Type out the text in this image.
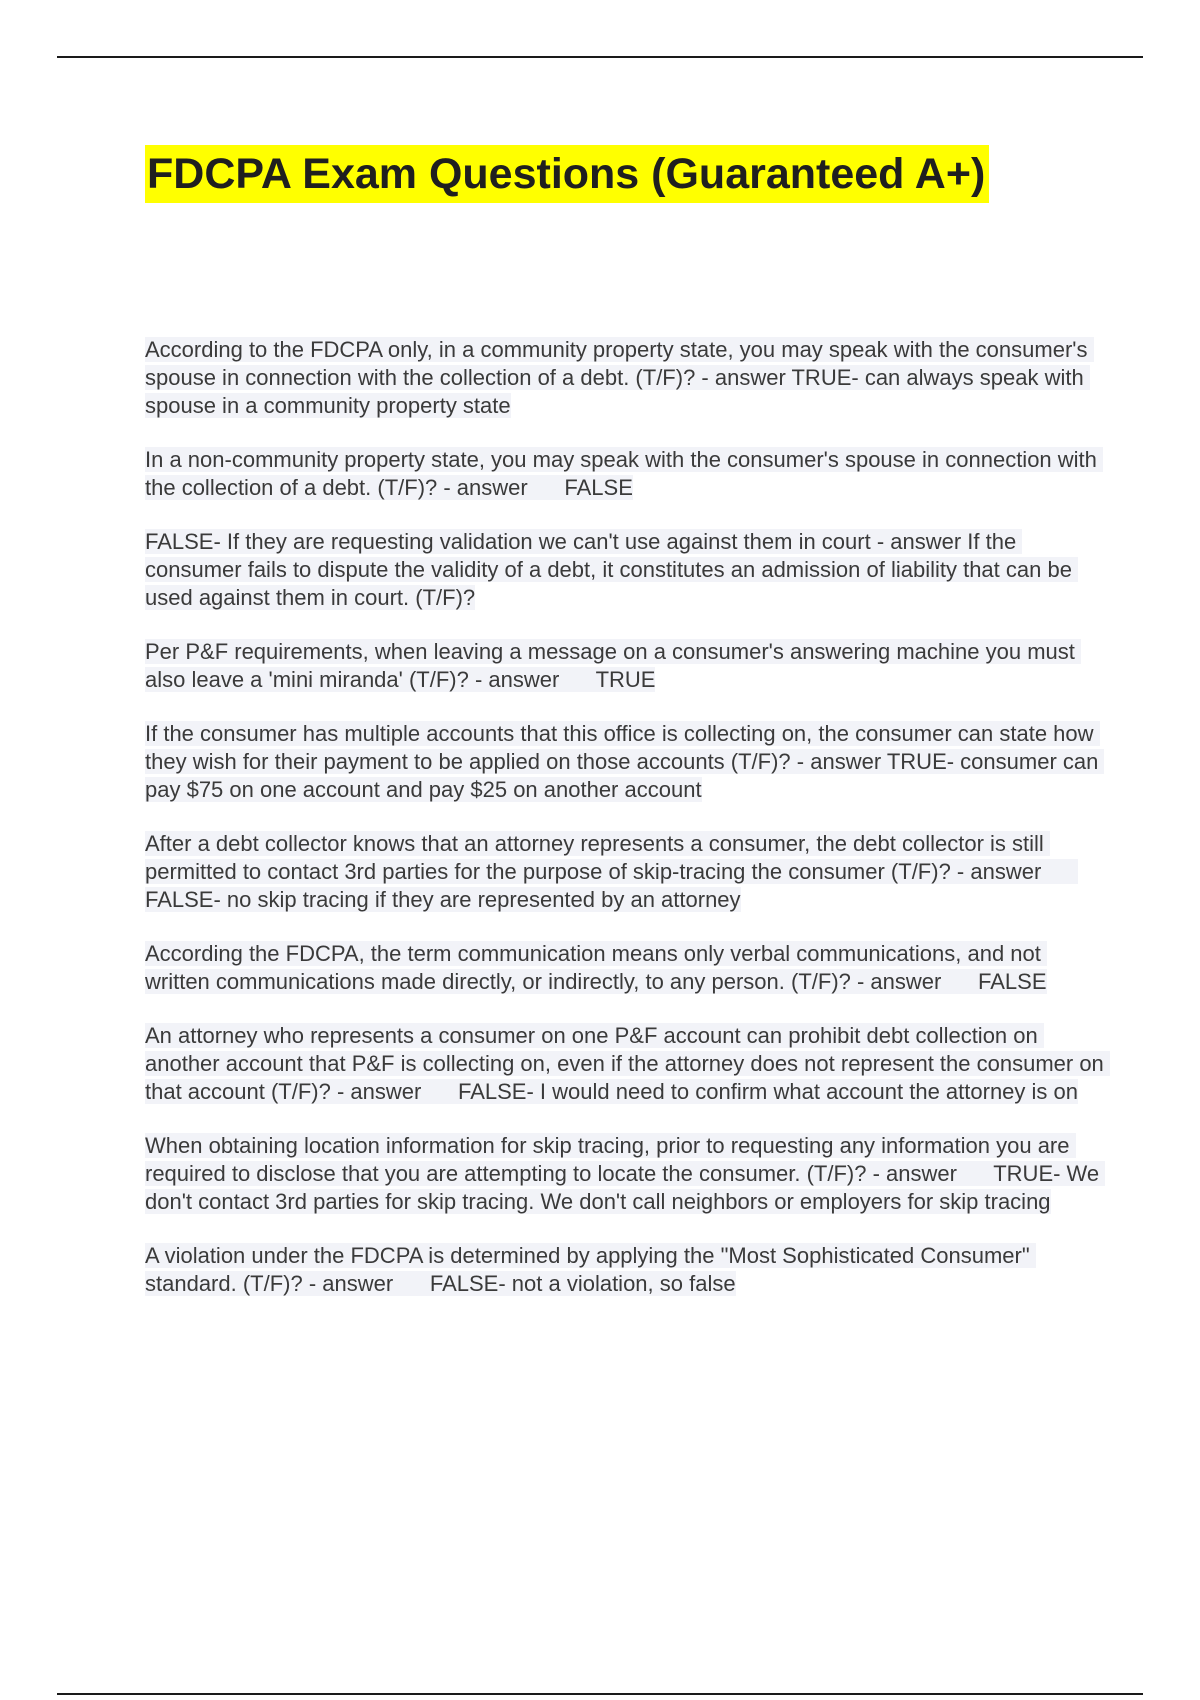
FDCPA Exam Questions (Guaranteed A+)

According to the FDCPA only, in a community property state, you may speak with the consumer's spouse in connection with the collection of a debt. (T/F)? - answer TRUE- can always speak with spouse in a community property state

In a non-community property state, you may speak with the consumer's spouse in connection with the collection of a debt. (T/F)? - answer      FALSE

FALSE- If they are requesting validation we can't use against them in court - answer If the consumer fails to dispute the validity of a debt, it constitutes an admission of liability that can be used against them in court. (T/F)?

Per P&F requirements, when leaving a message on a consumer's answering machine you must also leave a 'mini miranda' (T/F)? - answer      TRUE

If the consumer has multiple accounts that this office is collecting on, the consumer can state how they wish for their payment to be applied on those accounts (T/F)? - answer TRUE- consumer can pay $75 on one account and pay $25 on another account

After a debt collector knows that an attorney represents a consumer, the debt collector is still permitted to contact 3rd parties for the purpose of skip-tracing the consumer (T/F)? - answer      FALSE- no skip tracing if they are represented by an attorney

According the FDCPA, the term communication means only verbal communications, and not written communications made directly, or indirectly, to any person. (T/F)? - answer      FALSE

An attorney who represents a consumer on one P&F account can prohibit debt collection on another account that P&F is collecting on, even if the attorney does not represent the consumer on that account (T/F)? - answer      FALSE- I would need to confirm what account the attorney is on

When obtaining location information for skip tracing, prior to requesting any information you are required to disclose that you are attempting to locate the consumer. (T/F)? - answer      TRUE- We don't contact 3rd parties for skip tracing. We don't call neighbors or employers for skip tracing

A violation under the FDCPA is determined by applying the "Most Sophisticated Consumer" standard. (T/F)? - answer      FALSE- not a violation, so false
